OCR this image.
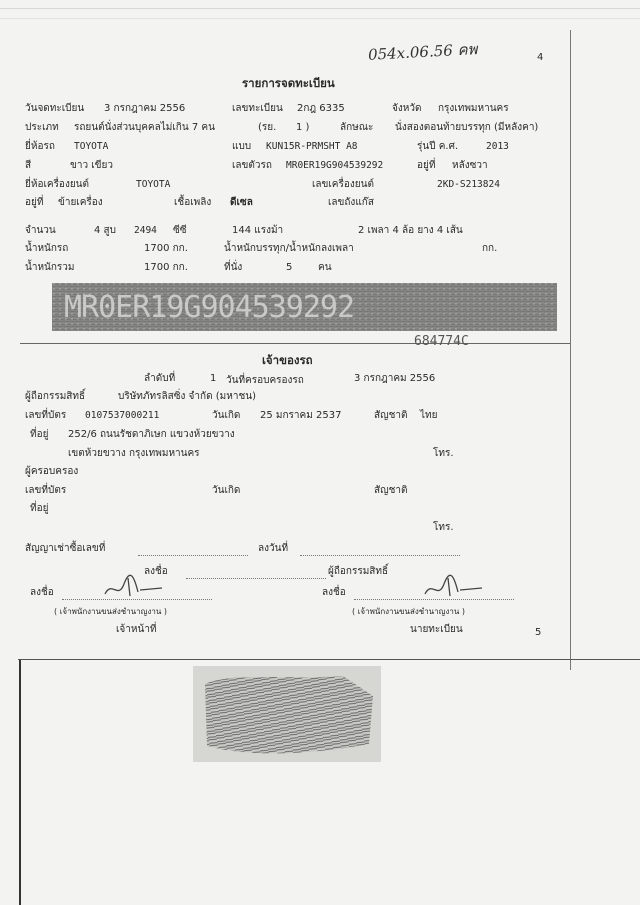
054x.06.56 คพ	4
รายการจดทะเบียน
วันจดทะเบียน 3 กรกฎาคม 2556	เลขทะเบียน 2กฎ 6335	จังหวัด กรุงเทพมหานคร
ประเภท รถยนต์นั่งส่วนบุคคลไม่เกิน 7 คน	(รย. 1 )	ลักษณะ นั่งสองตอนท้ายบรรทุก (มีหลังคา)
ยี่ห้อรถ TOYOTA	แบบ KUN15R-PRMSHT A8	รุ่นปี ค.ศ.	2013
สี	ขาว เขียว	เลขตัวรถ MR0ER19G904539292	อยู่ที่ หลังซวา
ยี่ห้อเครื่องยนต์	TOYOTA	เลขเครื่องยนต์	2KD-S213824
อยู่ที่ ข้ายเครื่อง	เชื้อเพลิง ดีเซล	เลขถังแก๊ส
จำนวน	4 สูบ 2494 ซีซี	144 แรงม้า	2 เพลา 4 ล้อ ยาง 4 เส้น
น้ำหนักรถ	1700 กก.	น้ำหนักบรรทุก/น้ำหนักลงเพลา	กก.
น้ำหนักรวม	1700 กก.	ที่นั่ง	5	คน
MR0ER19G904539292
684774C
เจ้าของรถ
ลำดับที่	1 วันที่ครอบครองรถ	3 กรกฎาคม 2556
ผู้ถือกรรมสิทธิ์	บริษัทภัทรลิสซิ่ง จำกัด (มหาชน)
เลขที่บัตร 0107537000211	วันเกิด 25 มกราคม 2537	สัญชาติ ไทย
ที่อยู่ 252/6 ถนนรัชดาภิเษก แขวงห้วยขวาง
เขตห้วยขวาง กรุงเทพมหานคร	โทร.
ผู้ครอบครอง
เลขที่บัตร	วันเกิด	สัญชาติ
ที่อยู่
โทร.
สัญญาเช่าซื้อเลขที่	ลงวันที่
ลงชื่อ	ผู้ถือกรรมสิทธิ์
ลงชื่อ
( เจ้าพนักงานขนส่งชำนาญงาน )
เจ้าหน้าที่
ลงชื่อ
( เจ้าพนักงานขนส่งชำนาญงาน )
นายทะเบียน	5
